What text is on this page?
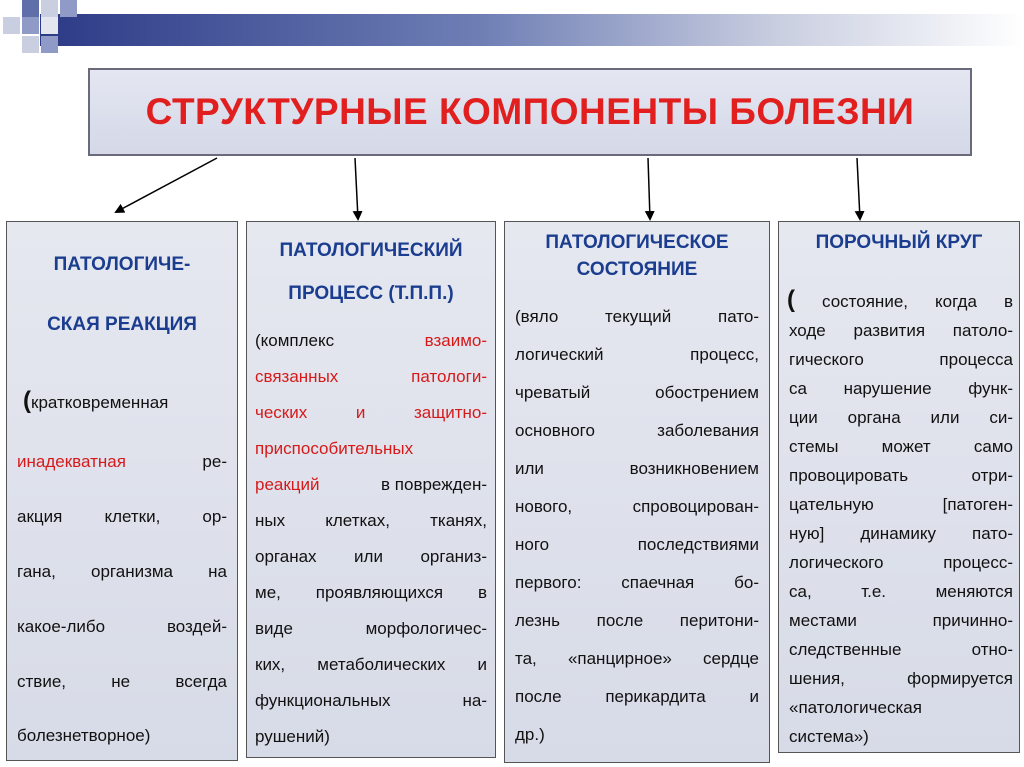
СТРУКТУРНЫЕ КОМПОНЕНТЫ БОЛЕЗНИ
ПАТОЛОГИЧЕ-
СКАЯ РЕАКЦИЯ
( кратковременная
инадекватная	ре-
акция клетки, ор-
гана, организма на
какое-либо	воздей-
ствие,	не	всегда
болезнетворное)
ПАТОЛОГИЧЕСКИЙ
ПРОЦЕСС (Т.П.П.)
(комплекс	взаимо-
связанных	патологи-
ческих	и	защитно-
приспособительных
реакций	в поврежден-
ных клетках, тканях,
органах или организ-
ме, проявляющихся в
виде	морфологичес-
ких, метаболических и
функциональных	на-
рушений)
ПАТОЛОГИЧЕСКОЕ
СОСТОЯНИЕ
(вяло	текущий	пато-
логический	процесс,
чреватый	обострением
основного	заболевания
или	возникновением
нового,	спровоцирован-
ного	последствиями
первого: спаечная бо-
лезнь после перитони-
та, «панцирное» сердце
после	перикардита	и
др.)
ПОРОЧНЫЙ КРУГ
( состояние, когда в
ходе развития патоло-
гического	процесса
са нарушение функ-
ции органа или си-
стемы	может	само
провоцировать	отри-
цательную	[патоген-
ную] динамику пато-
логического	процесс-
са,	т.е.	меняются
местами	причинно-
следственные	отно-
шения,	формируется
«патологическая
система»)
